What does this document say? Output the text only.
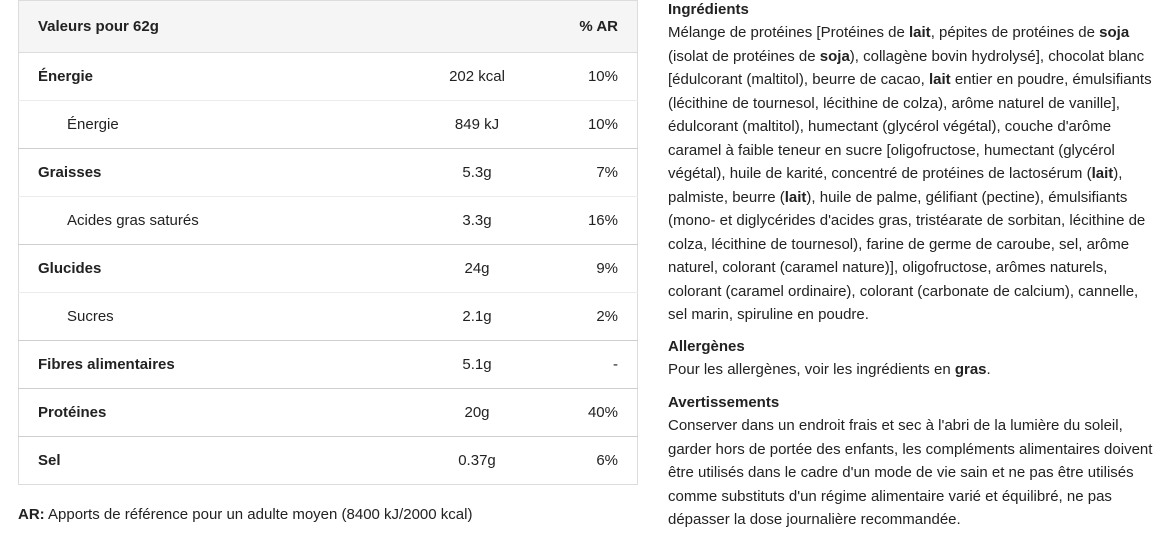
Valeurs pour 62g		% AR
Énergie	202 kcal	10%
Énergie	849 kJ	10%
Graisses	5.3g	7%
Acides gras saturés	3.3g	16%
Glucides	24g	9%
Sucres	2.1g	2%
Fibres alimentaires	5.1g	-
Protéines	20g	40%
Sel	0.37g	6%
AR: Apports de référence pour un adulte moyen (8400 kJ/2000 kcal)
Ingrédients

Mélange de protéines [Protéines de lait, pépites de protéines de soja (isolat de protéines de soja), collagène bovin hydrolysé], chocolat blanc [édulcorant (maltitol), beurre de cacao, lait entier en poudre, émulsifiants (lécithine de tournesol, lécithine de colza), arôme naturel de vanille], édulcorant (maltitol), humectant (glycérol végétal), couche d'arôme caramel à faible teneur en sucre [oligofructose, humectant (glycérol végétal), huile de karité, concentré de protéines de lactosérum (lait), palmiste, beurre (lait), huile de palme, gélifiant (pectine), émulsifiants (mono- et diglycérides d'acides gras, tristéarate de sorbitan, lécithine de colza, lécithine de tournesol), farine de germe de caroube, sel, arôme naturel, colorant (caramel nature)], oligofructose, arômes naturels, colorant (caramel ordinaire), colorant (carbonate de calcium), cannelle, sel marin, spiruline en poudre.

Allergènes

Pour les allergènes, voir les ingrédients en gras.

Avertissements

Conserver dans un endroit frais et sec à l'abri de la lumière du soleil, garder hors de portée des enfants, les compléments alimentaires doivent être utilisés dans le cadre d'un mode de vie sain et ne pas être utilisés comme substituts d'un régime alimentaire varié et équilibré, ne pas dépasser la dose journalière recommandée.
